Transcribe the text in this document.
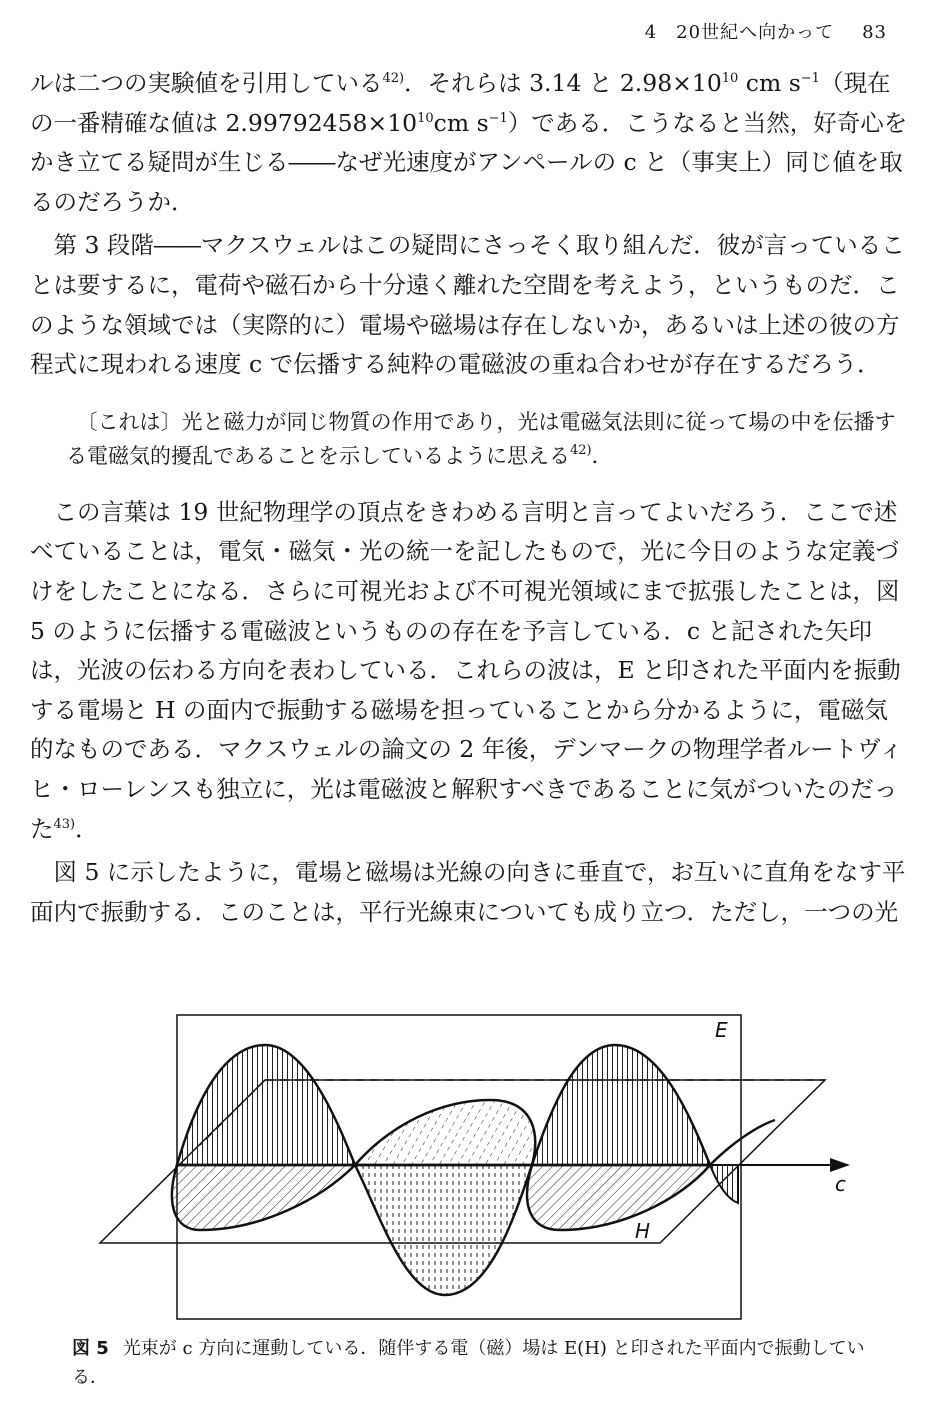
4　20世紀へ向かって 83

ルは二つの実験値を引用している$^{42)}$．それらは 3.14 と $2.98\times 10^{10}$ cm $s^{-1}$（現在の一番精確な値は $2.99792458\times 10^{10}cm$ $s^{-1}$）である．こうなると当然，好奇心をかき立てる疑問が生じる――なぜ光速度がアンペールの c と（事実上）同じ値を取るのだろうか．

第 3 段階――マクスウェルはこの疑問にさっそく取り組んだ．彼が言っていることは要するに，電荷や磁石から十分遠く離れた空間を考えよう，というものだ．このような領域では（実際的に）電場や磁場は存在しないか，あるいは上述の彼の方程式に現われる速度 c で伝播する純粋の電磁波の重ね合わせが存在するだろう．

〔これは〕光と磁力が同じ物質の作用であり，光は電磁気法則に従って場の中を伝播する電磁気的擾乱であることを示しているように思える$^{42)}$．

この言葉は 19 世紀物理学の頂点をきわめる言明と言ってよいだろう．ここで述べていることは，電気・磁気・光の統一を記したもので，光に今日のような定義づけをしたことになる．さらに可視光および不可視光領域にまで拡張したことは，図 5 のように伝播する電磁波というものの存在を予言している．c と記された矢印は，光波の伝わる方向を表わしている．これらの波は，E と印された平面内を振動する電場と H の面内で振動する磁場を担っていることから分かるように，電磁気的なものである．マクスウェルの論文の 2 年後，デンマークの物理学者ルートヴィヒ・ローレンスも独立に，光は電磁波と解釈すべきであることに気がついたのだった$^{43)}$．

図 5 に示したように，電場と磁場は光線の向きに垂直で，お互いに直角をなす平面内で振動する．このことは，平行光線束についても成り立つ．ただし，一つの光

E
H
c
図 5 光束が c 方向に運動している．随伴する電（磁）場は E(H) と印された平面内で振動している．
